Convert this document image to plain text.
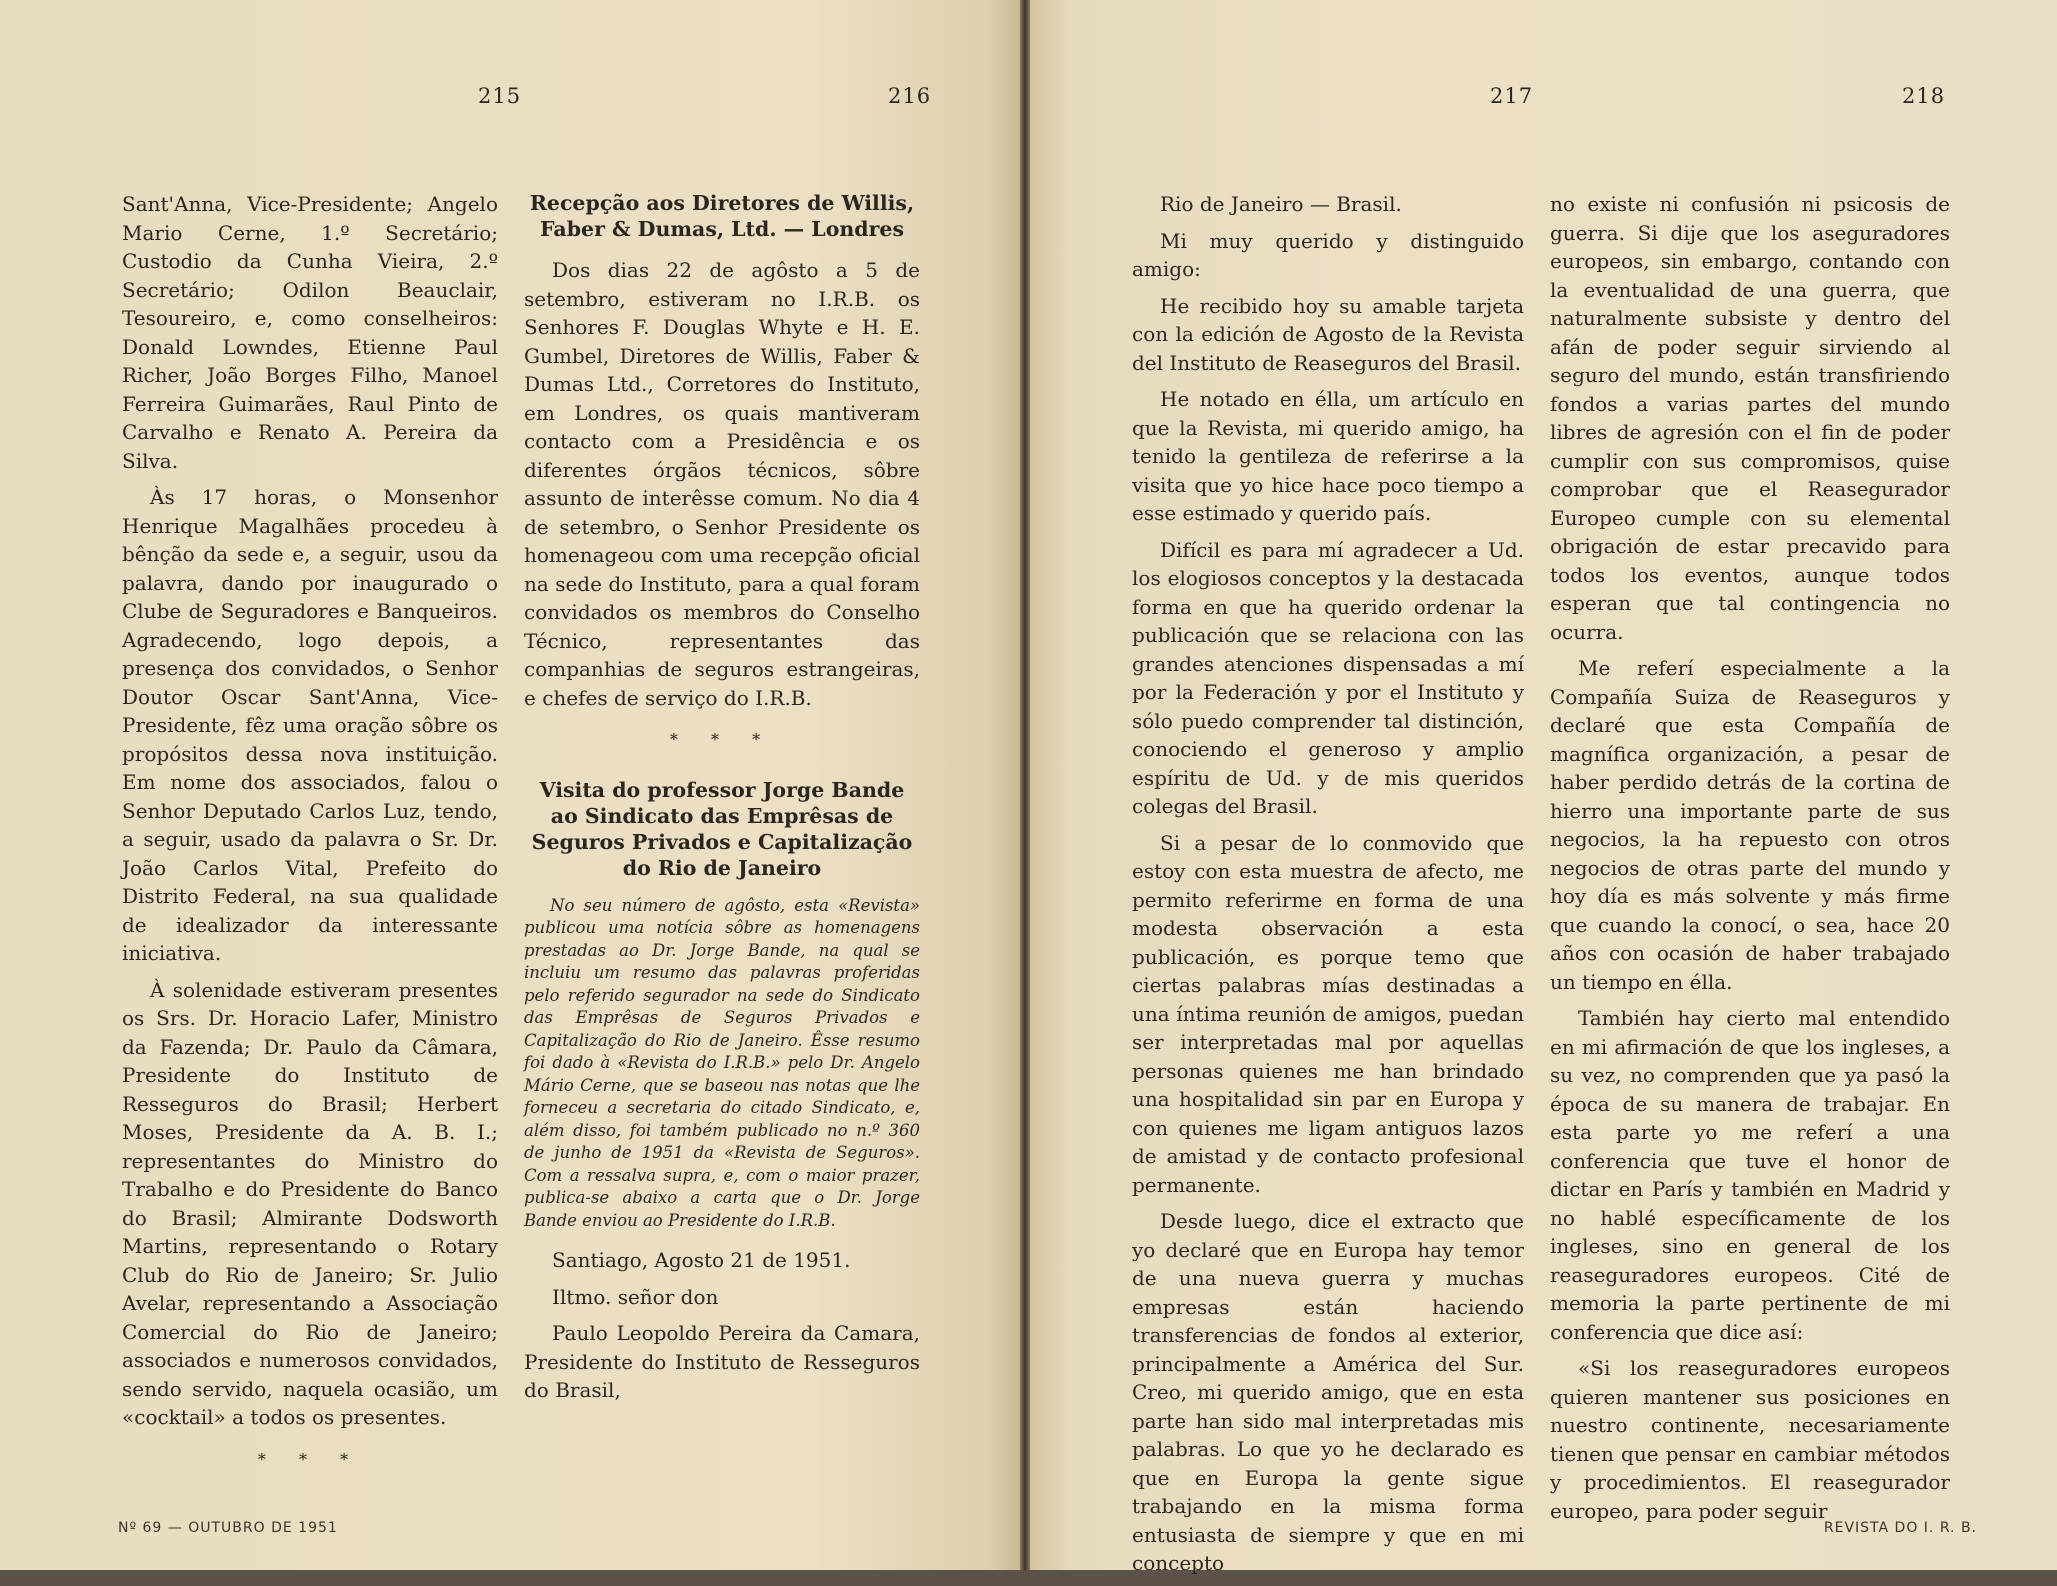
215	216

Sant'Anna, Vice-Presidente; Angelo Mario Cerne, 1.º Secretário; Custodio da Cunha Vieira, 2.º Secretário; Odilon Beauclair, Tesoureiro, e, como conselheiros: Donald Lowndes, Etienne Paul Richer, João Borges Filho, Manoel Ferreira Guimarães, Raul Pinto de Carvalho e Renato A. Pereira da Silva.

Às 17 horas, o Monsenhor Henrique Magalhães procedeu à bênção da sede e, a seguir, usou da palavra, dando por inaugurado o Clube de Seguradores e Banqueiros. Agradecendo, logo depois, a presença dos convidados, o Senhor Doutor Oscar Sant'Anna, Vice-Presidente, fêz uma oração sôbre os propósitos dessa nova instituição. Em nome dos associados, falou o Senhor Deputado Carlos Luz, tendo, a seguir, usado da palavra o Sr. Dr. João Carlos Vital, Prefeito do Distrito Federal, na sua qualidade de idealizador da interessante iniciativa.

À solenidade estiveram presentes os Srs. Dr. Horacio Lafer, Ministro da Fazenda; Dr. Paulo da Câmara, Presidente do Instituto de Resseguros do Brasil; Herbert Moses, Presidente da A. B. I.; representantes do Ministro do Trabalho e do Presidente do Banco do Brasil; Almirante Dodsworth Martins, representando o Rotary Club do Rio de Janeiro; Sr. Julio Avelar, representando a Associação Comercial do Rio de Janeiro; associados e numerosos convidados, sendo servido, naquela ocasião, um «cocktail» a todos os presentes.

* * *
Recepção aos Diretores de Willis, Faber & Dumas, Ltd. — Londres

Dos dias 22 de agôsto a 5 de setembro, estiveram no I.R.B. os Senhores F. Douglas Whyte e H. E. Gumbel, Diretores de Willis, Faber & Dumas Ltd., Corretores do Instituto, em Londres, os quais mantiveram contacto com a Presidência e os diferentes órgãos técnicos, sôbre assunto de interêsse comum. No dia 4 de setembro, o Senhor Presidente os homenageou com uma recepção oficial na sede do Instituto, para a qual foram convidados os membros do Conselho Técnico, representantes das companhias de seguros estrangeiras, e chefes de serviço do I.R.B.

* * *
Visita do professor Jorge Bande ao Sindicato das Emprêsas de Seguros Privados e Capitalização do Rio de Janeiro

No seu número de agôsto, esta «Revista» publicou uma notícia sôbre as homenagens prestadas ao Dr. Jorge Bande, na qual se incluiu um resumo das palavras proferidas pelo referido segurador na sede do Sindicato das Emprêsas de Seguros Privados e Capitalização do Rio de Janeiro. Êsse resumo foi dado à «Revista do I.R.B.» pelo Dr. Angelo Mário Cerne, que se baseou nas notas que lhe forneceu a secretaria do citado Sindicato, e, além disso, foi também publicado no n.º 360 de junho de 1951 da «Revista de Seguros». Com a ressalva supra, e, com o maior prazer, publica-se abaixo a carta que o Dr. Jorge Bande enviou ao Presidente do I.R.B.

Santiago, Agosto 21 de 1951.

Iltmo. señor don

Paulo Leopoldo Pereira da Camara, Presidente do Instituto de Resseguros do Brasil,

Nº 69 — OUTUBRO DE 1951
217	218

Rio de Janeiro — Brasil.

Mi muy querido y distinguido amigo:

He recibido hoy su amable tarjeta con la edición de Agosto de la Revista del Instituto de Reaseguros del Brasil.

He notado en élla, um artículo en que la Revista, mi querido amigo, ha tenido la gentileza de referirse a la visita que yo hice hace poco tiempo a esse estimado y querido país.

Difícil es para mí agradecer a Ud. los elogiosos conceptos y la destacada forma en que ha querido ordenar la publicación que se relaciona con las grandes atenciones dispensadas a mí por la Federación y por el Instituto y sólo puedo comprender tal distinción, conociendo el generoso y amplio espíritu de Ud. y de mis queridos colegas del Brasil.

Si a pesar de lo conmovido que estoy con esta muestra de afecto, me permito referirme en forma de una modesta observación a esta publicación, es porque temo que ciertas palabras mías destinadas a una íntima reunión de amigos, puedan ser interpretadas mal por aquellas personas quienes me han brindado una hospitalidad sin par en Europa y con quienes me ligam antiguos lazos de amistad y de contacto profesional permanente.

Desde luego, dice el extracto que yo declaré que en Europa hay temor de una nueva guerra y muchas empresas están haciendo transferencias de fondos al exterior, principalmente a América del Sur. Creo, mi querido amigo, que en esta parte han sido mal interpretadas mis palabras. Lo que yo he declarado es que en Europa la gente sigue trabajando en la misma forma entusiasta de siempre y que en mi concepto

no existe ni confusión ni psicosis de guerra. Si dije que los aseguradores europeos, sin embargo, contando con la eventualidad de una guerra, que naturalmente subsiste y dentro del afán de poder seguir sirviendo al seguro del mundo, están transfiriendo fondos a varias partes del mundo libres de agresión con el fin de poder cumplir con sus compromisos, quise comprobar que el Reasegurador Europeo cumple con su elemental obrigación de estar precavido para todos los eventos, aunque todos esperan que tal contingencia no ocurra.

Me referí especialmente a la Compañía Suiza de Reaseguros y declaré que esta Compañía de magnífica organización, a pesar de haber perdido detrás de la cortina de hierro una importante parte de sus negocios, la ha repuesto con otros negocios de otras parte del mundo y hoy día es más solvente y más firme que cuando la conocí, o sea, hace 20 años con ocasión de haber trabajado un tiempo en élla.

También hay cierto mal entendido en mi afirmación de que los ingleses, a su vez, no comprenden que ya pasó la época de su manera de trabajar. En esta parte yo me referí a una conferencia que tuve el honor de dictar en París y también en Madrid y no hablé específicamente de los ingleses, sino en general de los reaseguradores europeos. Cité de memoria la parte pertinente de mi conferencia que dice así:

«Si los reaseguradores europeos quieren mantener sus posiciones en nuestro continente, necesariamente tienen que pensar en cambiar métodos y procedimientos. El reasegurador europeo, para poder seguir

REVISTA DO I. R. B.
